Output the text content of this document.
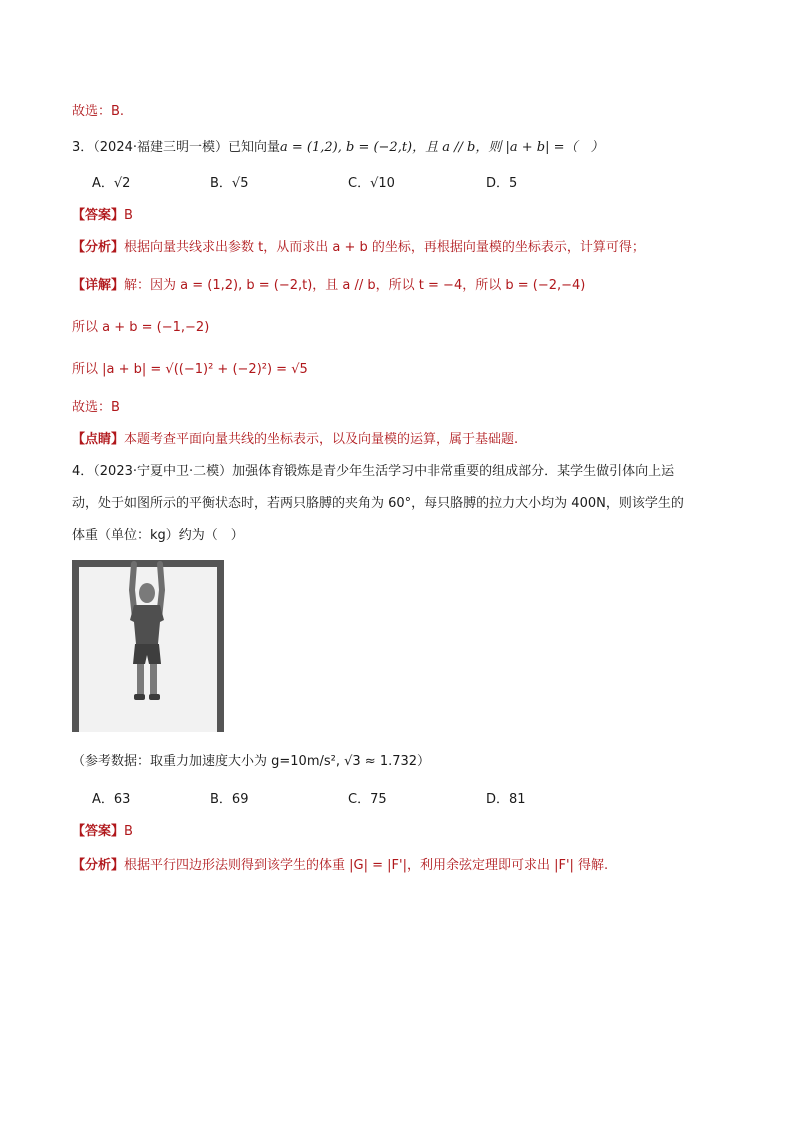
故选：B.
3．（2024·福建三明一模）已知向量a = (1,2), b = (−2,t)，且 a // b，则 |a + b| =（　）
A．√2	B．√5	C．√10	D．5
【答案】B
【分析】根据向量共线求出参数 t，从而求出 a + b 的坐标，再根据向量模的坐标表示，计算可得；
【详解】解：因为 a = (1,2), b = (−2,t)，且 a // b，所以 t = −4，所以 b = (−2,−4)
所以 a + b = (−1,−2)
所以 |a + b| = √((−1)² + (−2)²) = √5
故选：B
【点睛】本题考查平面向量共线的坐标表示，以及向量模的运算，属于基础题.
4．（2023·宁夏中卫·二模）加强体育锻炼是青少年生活学习中非常重要的组成部分．某学生做引体向上运
动，处于如图所示的平衡状态时，若两只胳膊的夹角为 60°，每只胳膊的拉力大小均为 400N，则该学生的
体重（单位：kg）约为（　）
（参考数据：取重力加速度大小为 g=10m/s², √3 ≈ 1.732）
A．63	B．69	C．75	D．81
【答案】B
【分析】根据平行四边形法则得到该学生的体重 |G| = |F'|，利用余弦定理即可求出 |F'| 得解.
